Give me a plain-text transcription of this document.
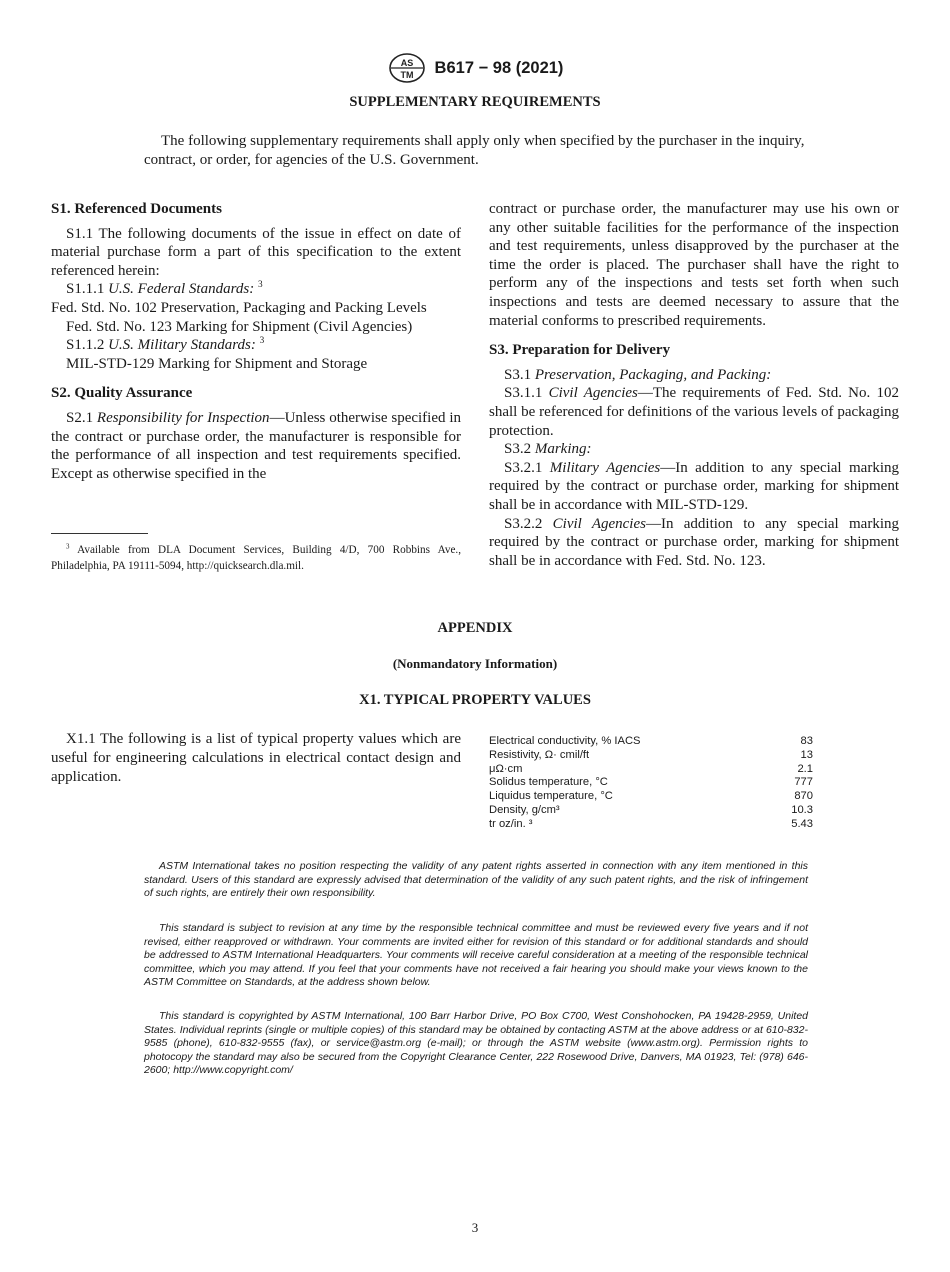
AS
TM B617 − 98 (2021)
SUPPLEMENTARY REQUIREMENTS
The following supplementary requirements shall apply only when specified by the purchaser in the inquiry, contract, or order, for agencies of the U.S. Government.
S1. Referenced Documents

S1.1 The following documents of the issue in effect on date of material purchase form a part of this specification to the extent referenced herein:

S1.1.1 U.S. Federal Standards: $^3$

Fed. Std. No. 102 Preservation, Packaging and Packing Levels

Fed. Std. No. 123 Marking for Shipment (Civil Agencies)

S1.1.2 U.S. Military Standards: $^3$

MIL-STD-129 Marking for Shipment and Storage

S2. Quality Assurance

S2.1 Responsibility for Inspection—Unless otherwise specified in the contract or purchase order, the manufacturer is responsible for the performance of all inspection and test requirements specified. Except as otherwise specified in the

$^3$ Available from DLA Document Services, Building 4/D, 700 Robbins Ave., Philadelphia, PA 19111-5094, http://quicksearch.dla.mil.

contract or purchase order, the manufacturer may use his own or any other suitable facilities for the performance of the inspection and test requirements, unless disapproved by the purchaser at the time the order is placed. The purchaser shall have the right to perform any of the inspections and tests set forth when such inspections and tests are deemed necessary to assure that the material conforms to prescribed requirements.

S3. Preparation for Delivery

S3.1 Preservation, Packaging, and Packing:

S3.1.1 Civil Agencies—The requirements of Fed. Std. No. 102 shall be referenced for definitions of the various levels of packaging protection.

S3.2 Marking:

S3.2.1 Military Agencies—In addition to any special marking required by the contract or purchase order, marking for shipment shall be in accordance with MIL-STD-129.

S3.2.2 Civil Agencies—In addition to any special marking required by the contract or purchase order, marking for shipment shall be in accordance with Fed. Std. No. 123.

APPENDIX
(Nonmandatory Information)
X1. TYPICAL PROPERTY VALUES
X1.1 The following is a list of typical property values which are useful for engineering calculations in electrical contact design and application.
Electrical conductivity, % IACS	83
Resistivity, Ω· cmil/ft	13
μΩ·cm	2.1
Solidus temperature, °C	777
Liquidus temperature, °C	870
Density, g/cm³	10.3
tr oz/in. ³	5.43
ASTM International takes no position respecting the validity of any patent rights asserted in connection with any item mentioned in this standard. Users of this standard are expressly advised that determination of the validity of any such patent rights, and the risk of infringement of such rights, are entirely their own responsibility.
This standard is subject to revision at any time by the responsible technical committee and must be reviewed every five years and if not revised, either reapproved or withdrawn. Your comments are invited either for revision of this standard or for additional standards and should be addressed to ASTM International Headquarters. Your comments will receive careful consideration at a meeting of the responsible technical committee, which you may attend. If you feel that your comments have not received a fair hearing you should make your views known to the ASTM Committee on Standards, at the address shown below.
This standard is copyrighted by ASTM International, 100 Barr Harbor Drive, PO Box C700, West Conshohocken, PA 19428-2959, United States. Individual reprints (single or multiple copies) of this standard may be obtained by contacting ASTM at the above address or at 610-832-9585 (phone), 610-832-9555 (fax), or service@astm.org (e-mail); or through the ASTM website (www.astm.org). Permission rights to photocopy the standard may also be secured from the Copyright Clearance Center, 222 Rosewood Drive, Danvers, MA 01923, Tel: (978) 646-2600; http://www.copyright.com/
3
